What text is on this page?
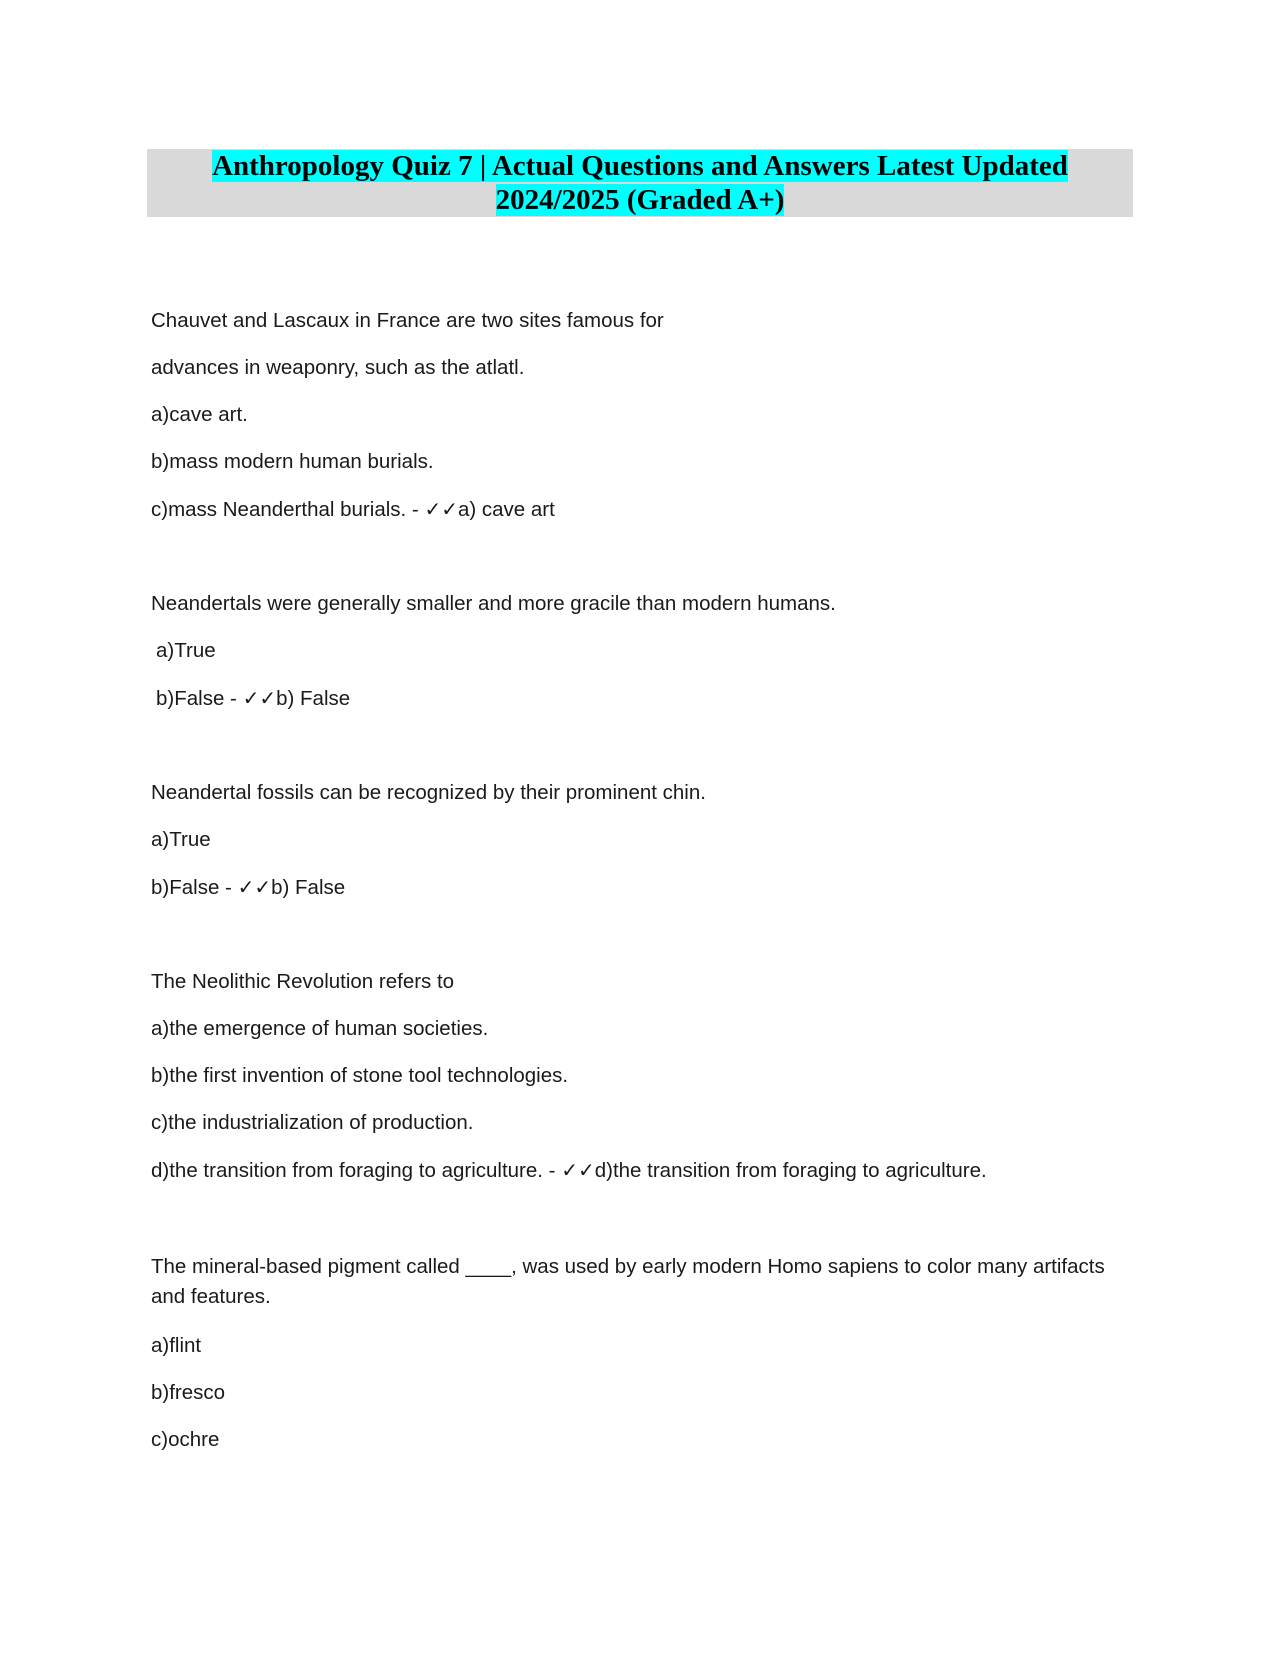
Anthropology Quiz 7 | Actual Questions and Answers Latest Updated
2024/2025 (Graded A+)
Chauvet and Lascaux in France are two sites famous for
advances in weaponry, such as the atlatl.
a)cave art.
b)mass modern human burials.
c)mass Neanderthal burials. - ✓✓a) cave art
Neandertals were generally smaller and more gracile than modern humans.
a)True
b)False - ✓✓b) False
Neandertal fossils can be recognized by their prominent chin.
a)True
b)False - ✓✓b) False
The Neolithic Revolution refers to
a)the emergence of human societies.
b)the first invention of stone tool technologies.
c)the industrialization of production.
d)the transition from foraging to agriculture. - ✓✓d)the transition from foraging to agriculture.
The mineral-based pigment called ____, was used by early modern Homo sapiens to color many artifacts and features.
a)flint
b)fresco
c)ochre
